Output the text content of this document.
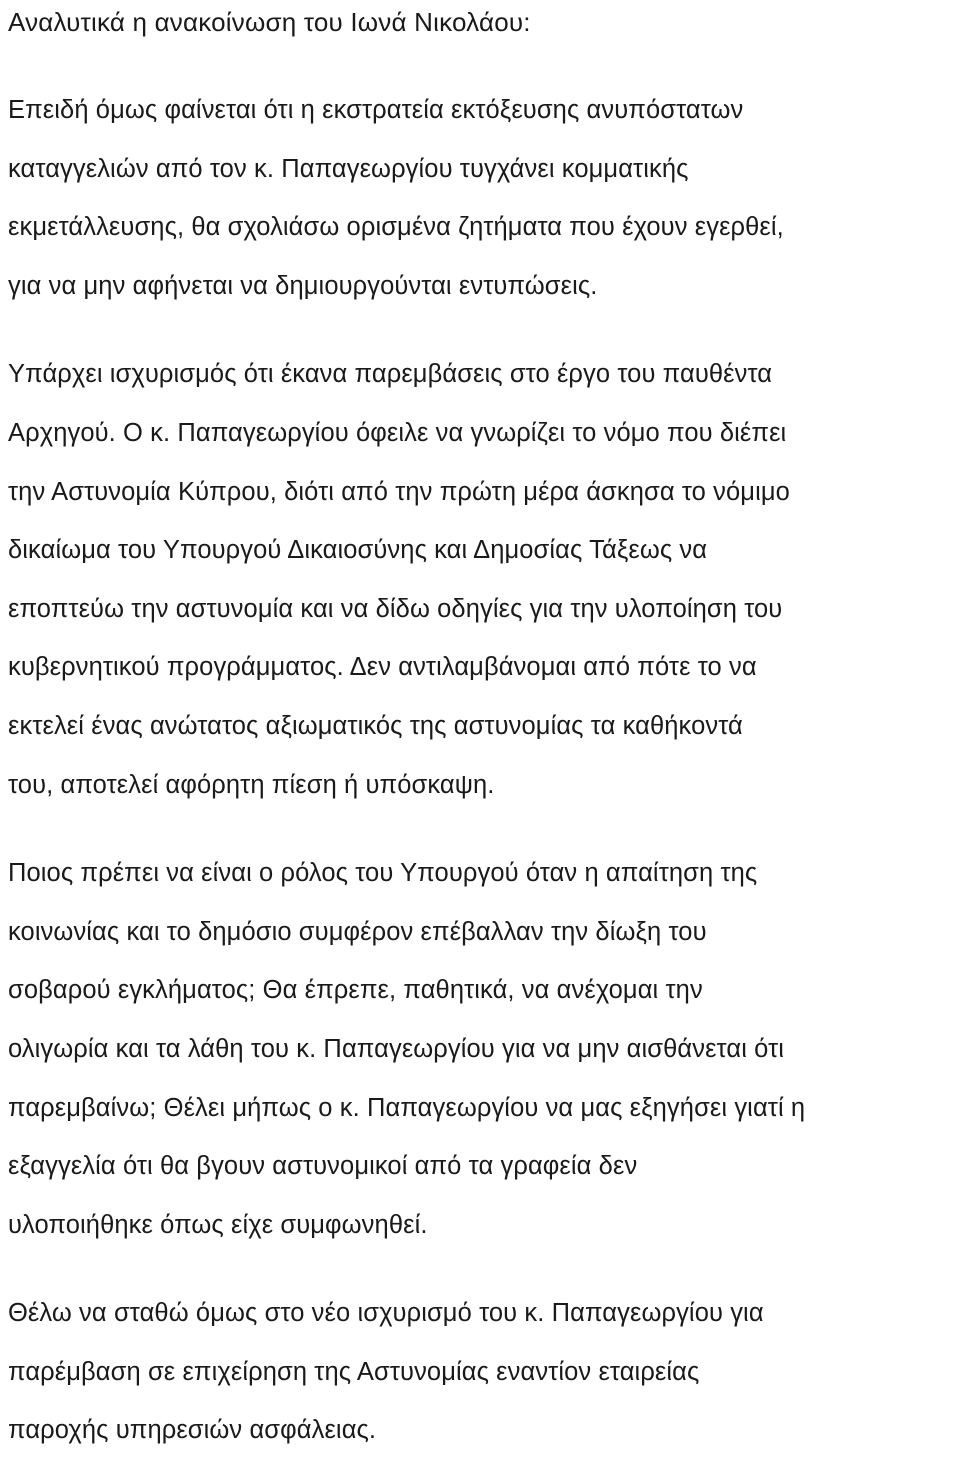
Αναλυτικά η ανακοίνωση του Ιωνά Νικολάου:

Επειδή όμως φαίνεται ότι η εκστρατεία εκτόξευσης ανυπόστατων
καταγγελιών από τον κ. Παπαγεωργίου τυγχάνει κομματικής
εκμετάλλευσης, θα σχολιάσω ορισμένα ζητήματα που έχουν εγερθεί,
για να μην αφήνεται να δημιουργούνται εντυπώσεις.

Υπάρχει ισχυρισμός ότι έκανα παρεμβάσεις στο έργο του παυθέντα
Αρχηγού. Ο κ. Παπαγεωργίου όφειλε να γνωρίζει το νόμο που διέπει
την Αστυνομία Κύπρου, διότι από την πρώτη μέρα άσκησα το νόμιμο
δικαίωμα του Υπουργού Δικαιοσύνης και Δημοσίας Τάξεως να
εποπτεύω την αστυνομία και να δίδω οδηγίες για την υλοποίηση του
κυβερνητικού προγράμματος. Δεν αντιλαμβάνομαι από πότε το να
εκτελεί ένας ανώτατος αξιωματικός της αστυνομίας τα καθήκοντά
του, αποτελεί αφόρητη πίεση ή υπόσκαψη.

Ποιος πρέπει να είναι ο ρόλος του Υπουργού όταν η απαίτηση της
κοινωνίας και το δημόσιο συμφέρον επέβαλλαν την δίωξη του
σοβαρού εγκλήματος; Θα έπρεπε, παθητικά, να ανέχομαι την
ολιγωρία και τα λάθη του κ. Παπαγεωργίου για να μην αισθάνεται ότι
παρεμβαίνω; Θέλει μήπως ο κ. Παπαγεωργίου να μας εξηγήσει γιατί η
εξαγγελία ότι θα βγουν αστυνομικοί από τα γραφεία δεν
υλοποιήθηκε όπως είχε συμφωνηθεί.

Θέλω να σταθώ όμως στο νέο ισχυρισμό του κ. Παπαγεωργίου για
παρέμβαση σε επιχείρηση της Αστυνομίας εναντίον εταιρείας
παροχής υπηρεσιών ασφάλειας.
